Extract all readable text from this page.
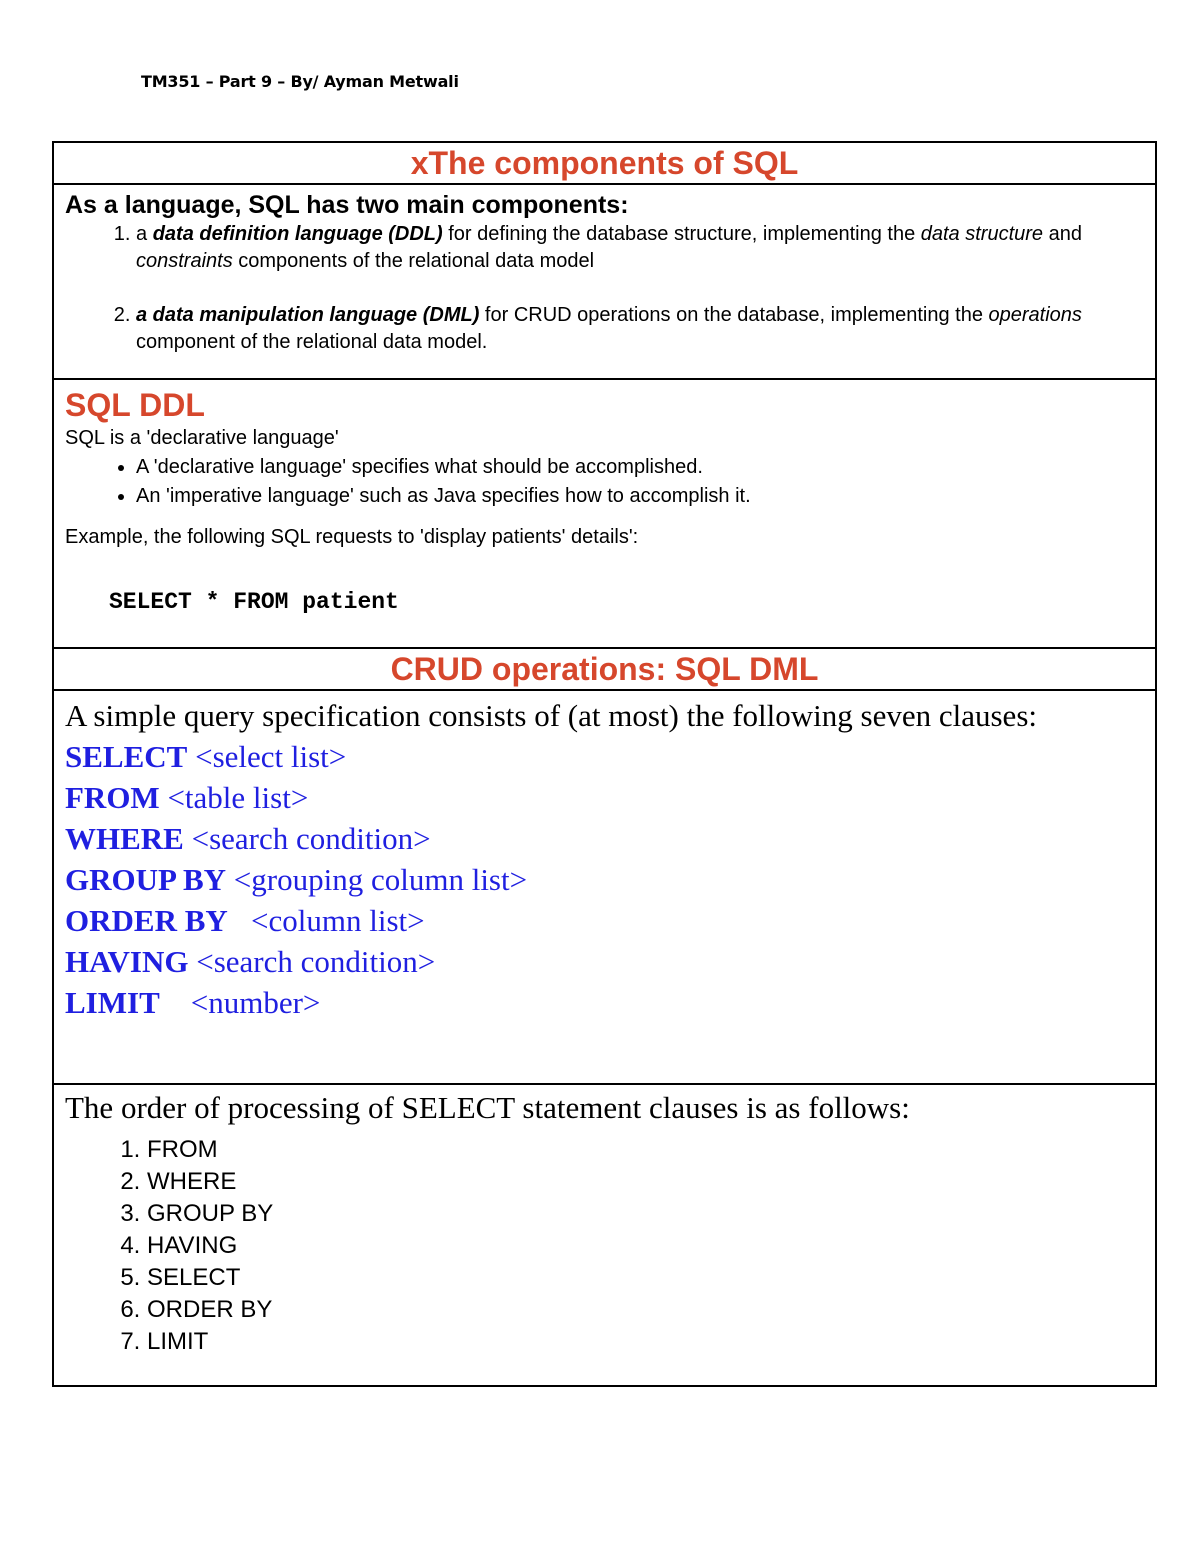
TM351 – Part 9 – By/ Ayman Metwali
xThe components of SQL

As a language, SQL has two main components:
1. a data definition language (DDL) for defining the database structure, implementing the data structure and constraints components of the relational data model
2. a data manipulation language (DML) for CRUD operations on the database, implementing the operations component of the relational data model.

SQL DDL
SQL is a 'declarative language'
• A 'declarative language' specifies what should be accomplished.
• An 'imperative language' such as Java specifies how to accomplish it.
Example, the following SQL requests to 'display patients' details':
SELECT * FROM patient

CRUD operations: SQL DML

A simple query specification consists of (at most) the following seven clauses:
SELECT <select list>
FROM <table list>
WHERE <search condition>
GROUP BY <grouping column list>
ORDER BY   <column list>
HAVING <search condition>
LIMIT    <number>

The order of processing of SELECT statement clauses is as follows:
1. FROM
2. WHERE
3. GROUP BY
4. HAVING
5. SELECT
6. ORDER BY
7. LIMIT
